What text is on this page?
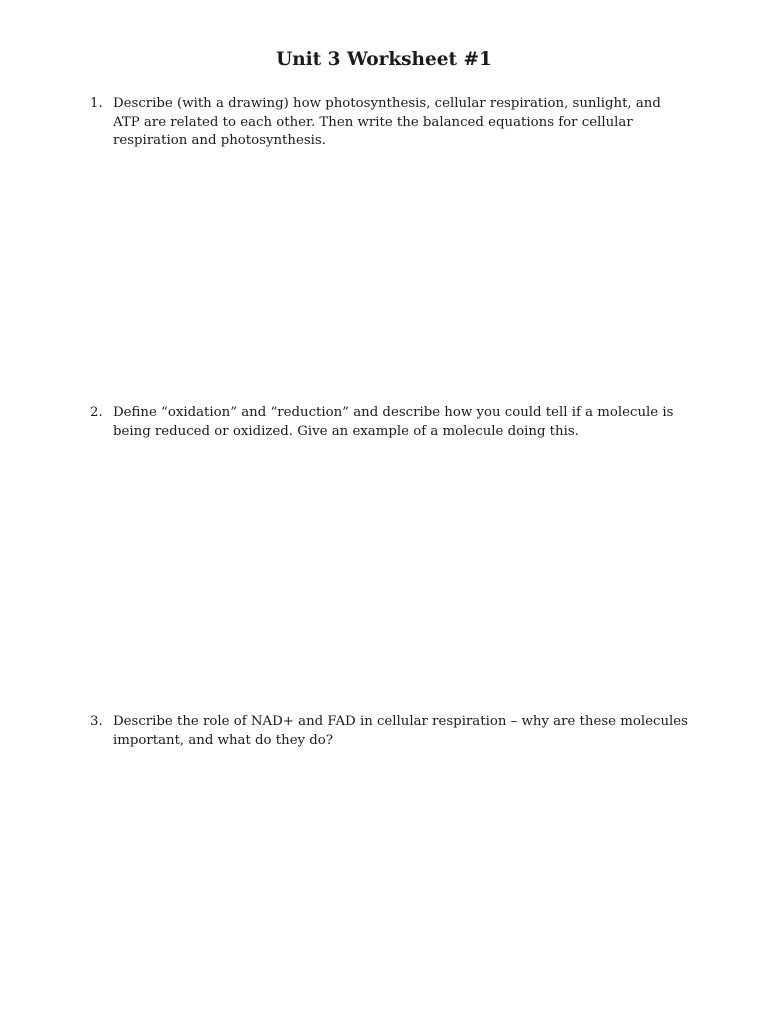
Unit 3 Worksheet #1
1. Describe (with a drawing) how photosynthesis, cellular respiration, sunlight, and ATP are related to each other. Then write the balanced equations for cellular respiration and photosynthesis.

2. Define “oxidation” and “reduction” and describe how you could tell if a molecule is being reduced or oxidized. Give an example of a molecule doing this.

3. Describe the role of NAD+ and FAD in cellular respiration – why are these molecules important, and what do they do?
